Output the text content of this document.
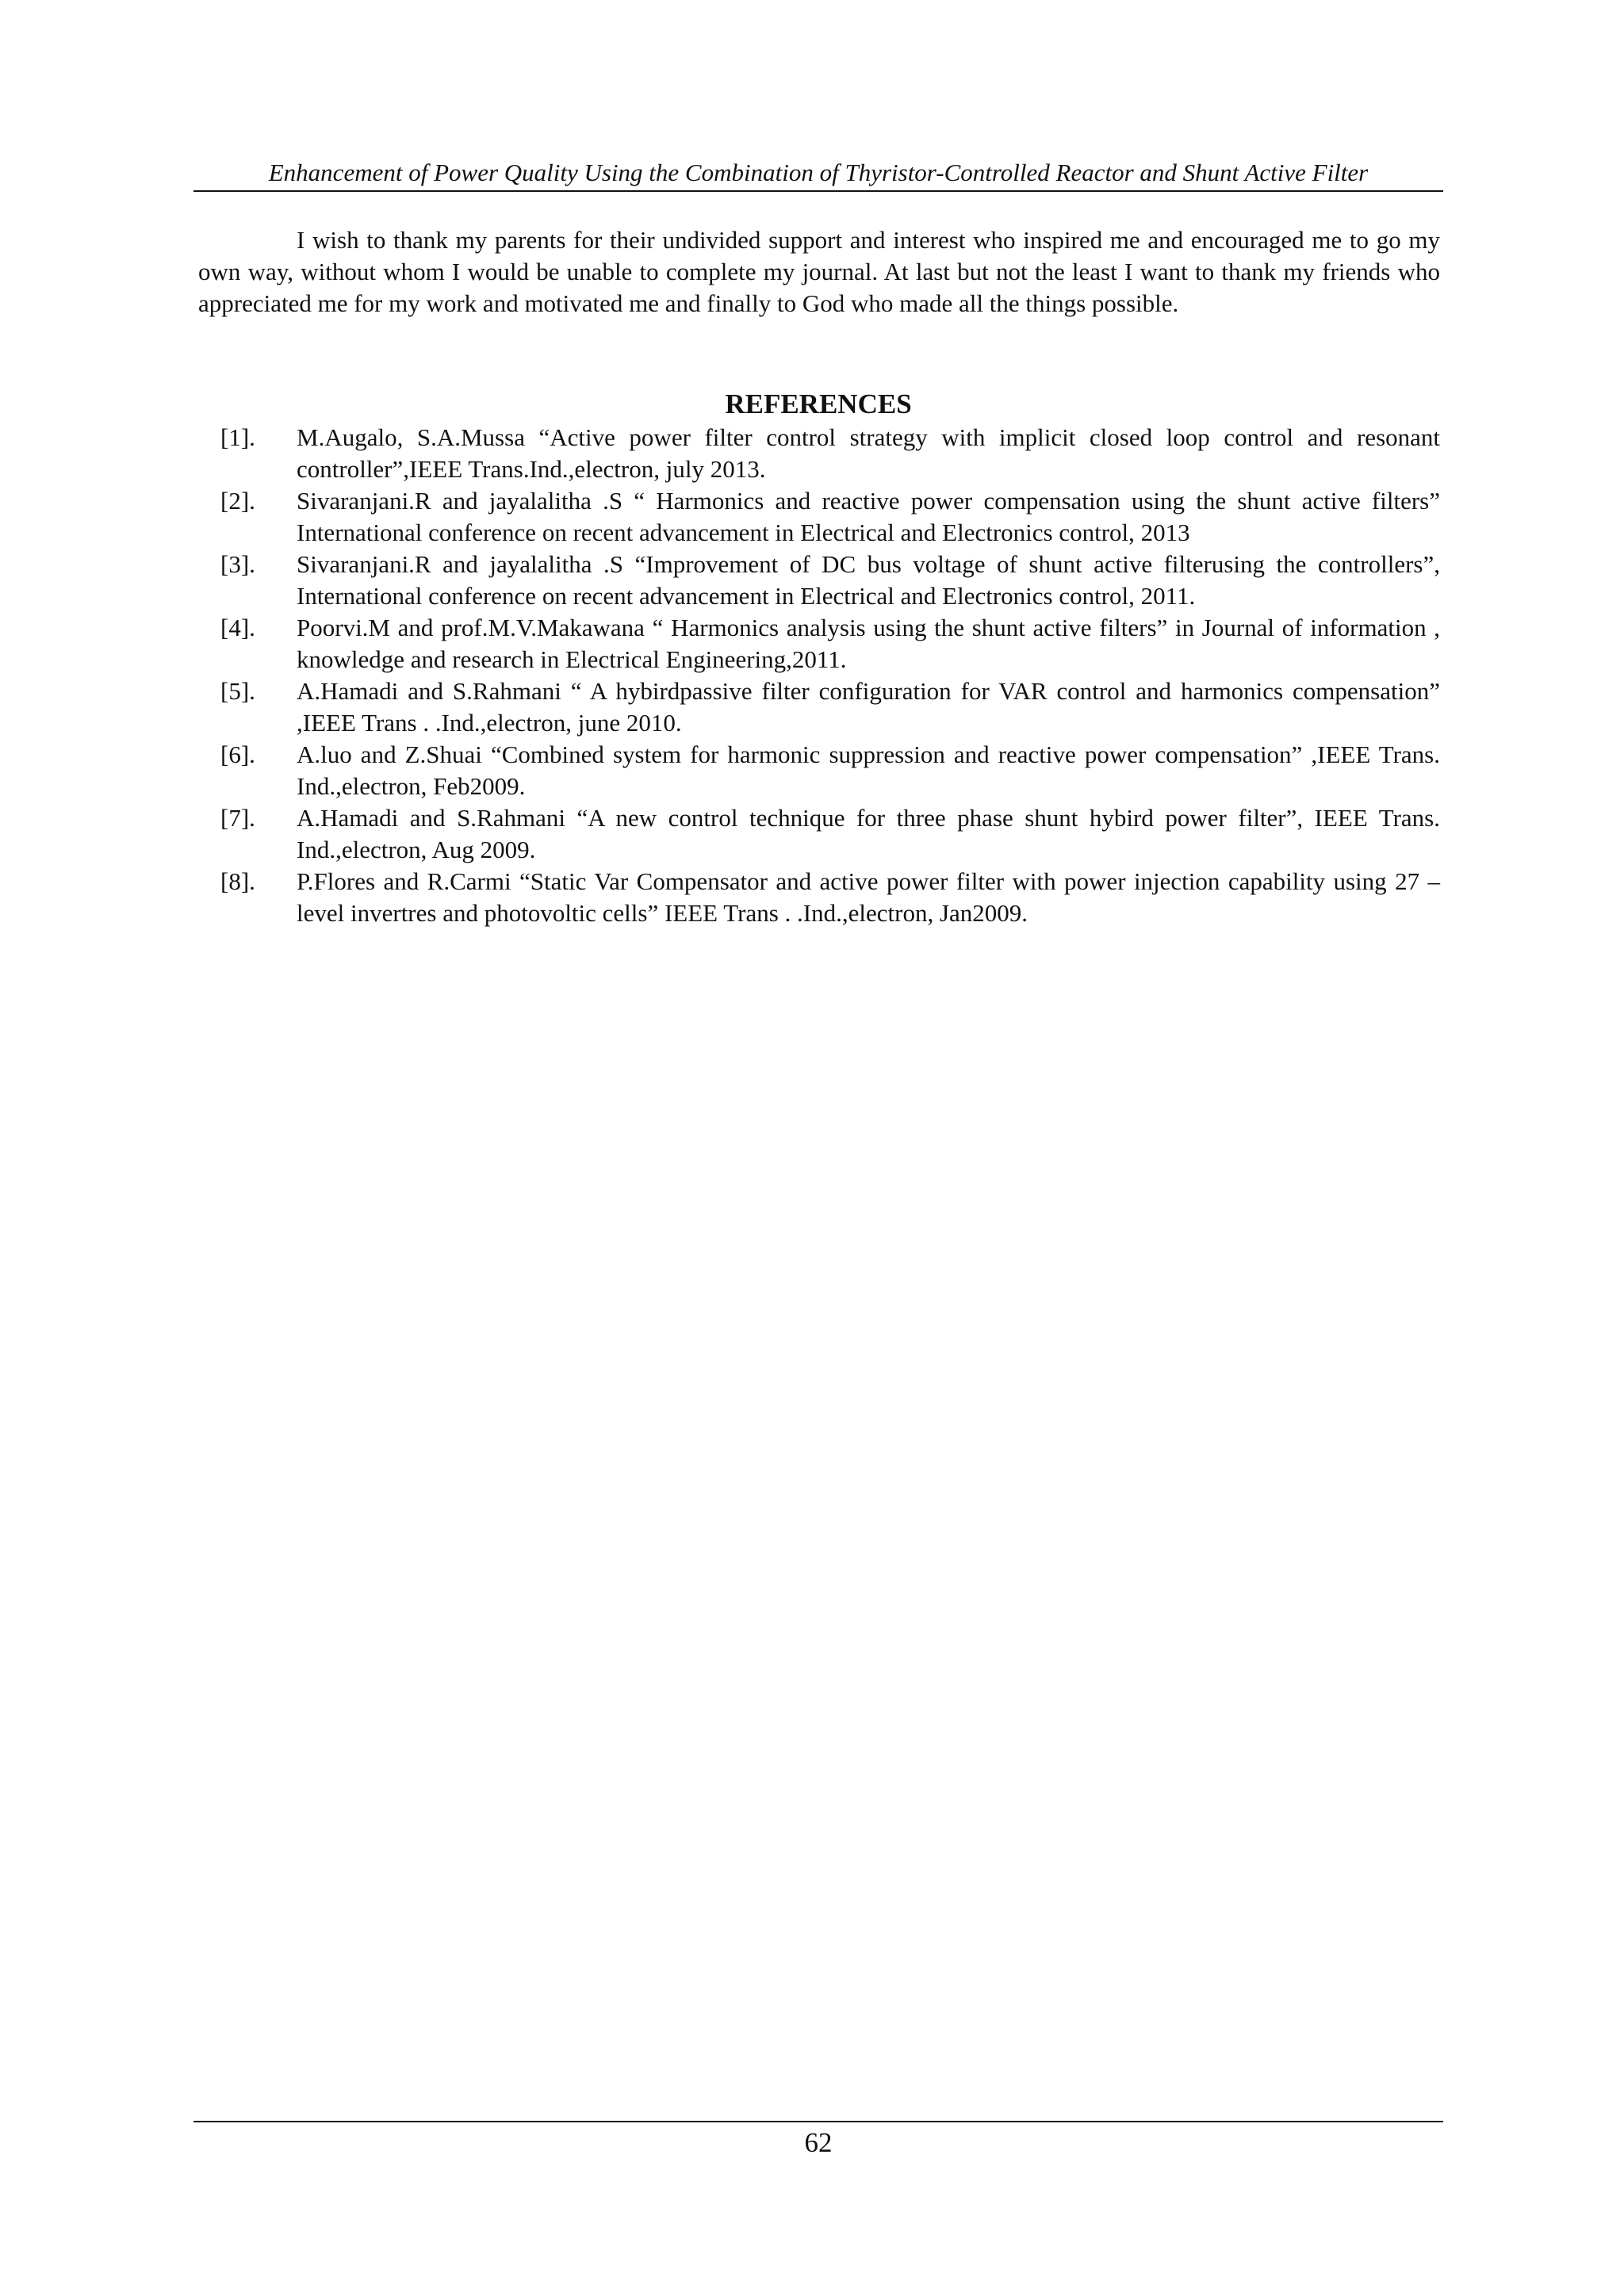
Enhancement of Power Quality Using the Combination of Thyristor-Controlled Reactor and Shunt Active Filter

I wish to thank my parents for their undivided support and interest who inspired me and encouraged me to go my own way, without whom I would be unable to complete my journal. At last but not the least I want to thank my friends who appreciated me for my work and motivated me and finally to God who made all the things possible.

REFERENCES
[1]. M.Augalo, S.A.Mussa “Active power filter control strategy with implicit closed loop control and resonant controller”,IEEE Trans.Ind.,electron, july 2013.
[2]. Sivaranjani.R and jayalalitha .S “ Harmonics and reactive power compensation using the shunt active filters” International conference on recent advancement in Electrical and Electronics control, 2013
[3]. Sivaranjani.R and jayalalitha .S “Improvement of DC bus voltage of shunt active filterusing the controllers”, International conference on recent advancement in Electrical and Electronics control, 2011.
[4]. Poorvi.M and prof.M.V.Makawana “ Harmonics analysis using the shunt active filters” in Journal of information , knowledge and research in Electrical Engineering,2011.
[5]. A.Hamadi and S.Rahmani “ A hybirdpassive filter configuration for VAR control and harmonics compensation” ,IEEE Trans . .Ind.,electron, june 2010.
[6]. A.luo and Z.Shuai “Combined system for harmonic suppression and reactive power compensation” ,IEEE Trans. Ind.,electron, Feb2009.
[7]. A.Hamadi and S.Rahmani “A new control technique for three phase shunt hybird power filter”, IEEE Trans. Ind.,electron, Aug 2009.
[8]. P.Flores and R.Carmi “Static Var Compensator and active power filter with power injection capability using 27 –level invertres and photovoltic cells” IEEE Trans . .Ind.,electron, Jan2009.
62
